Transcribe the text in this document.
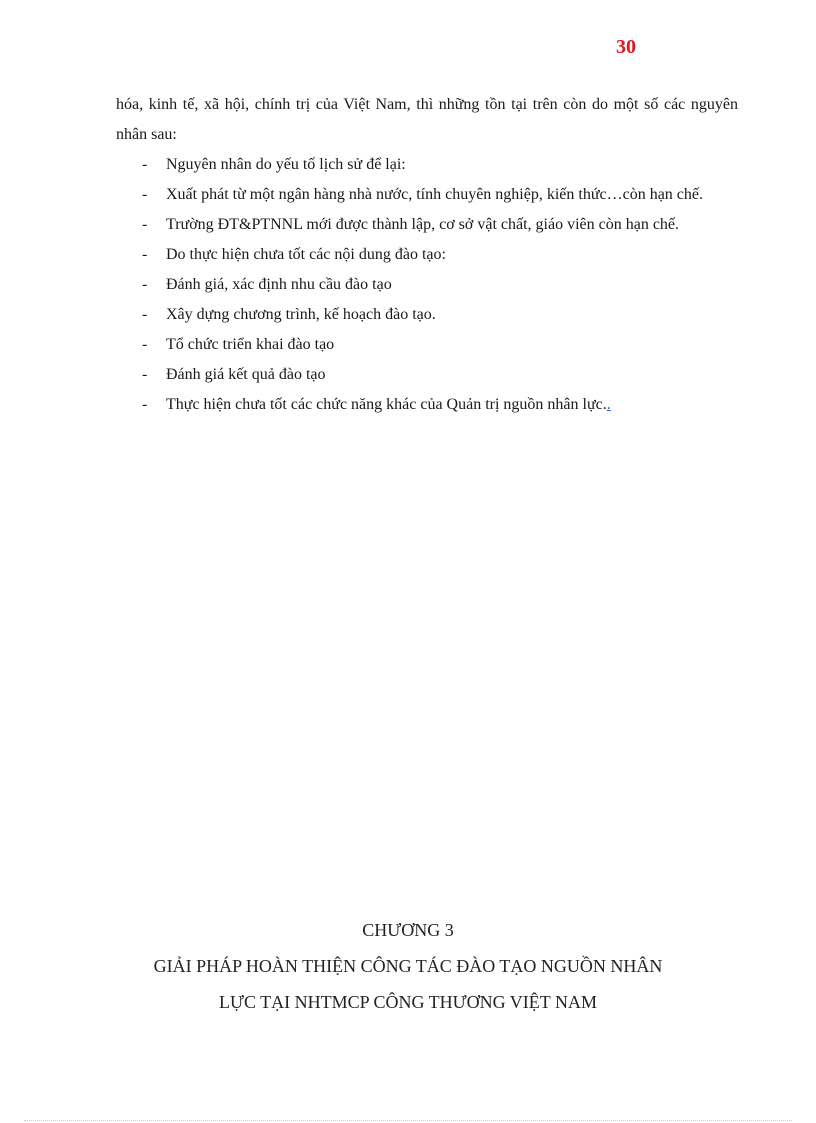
30

hóa, kinh tế, xã hội, chính trị của Việt Nam, thì những tồn tại trên còn do một số các nguyên nhân sau:

- Nguyên nhân do yếu tố lịch sử để lại:
- Xuất phát từ một ngân hàng nhà nước, tính chuyên nghiệp, kiến thức…còn hạn chế.
- Trường ĐT&PTNNL mới được thành lập, cơ sở vật chất, giáo viên còn hạn chế.
- Do thực hiện chưa tốt các nội dung đào tạo:
- Đánh giá, xác định nhu cầu đào tạo
- Xây dựng chương trình, kế hoạch đào tạo.
- Tổ chức triển khai đào tạo
- Đánh giá kết quả đào tạo
- Thực hiện chưa tốt các chức năng khác của Quản trị nguồn nhân lực..

CHƯƠNG 3

GIẢI PHÁP HOÀN THIỆN CÔNG TÁC ĐÀO TẠO NGUỒN NHÂN

LỰC TẠI NHTMCP CÔNG THƯƠNG VIỆT NAM
